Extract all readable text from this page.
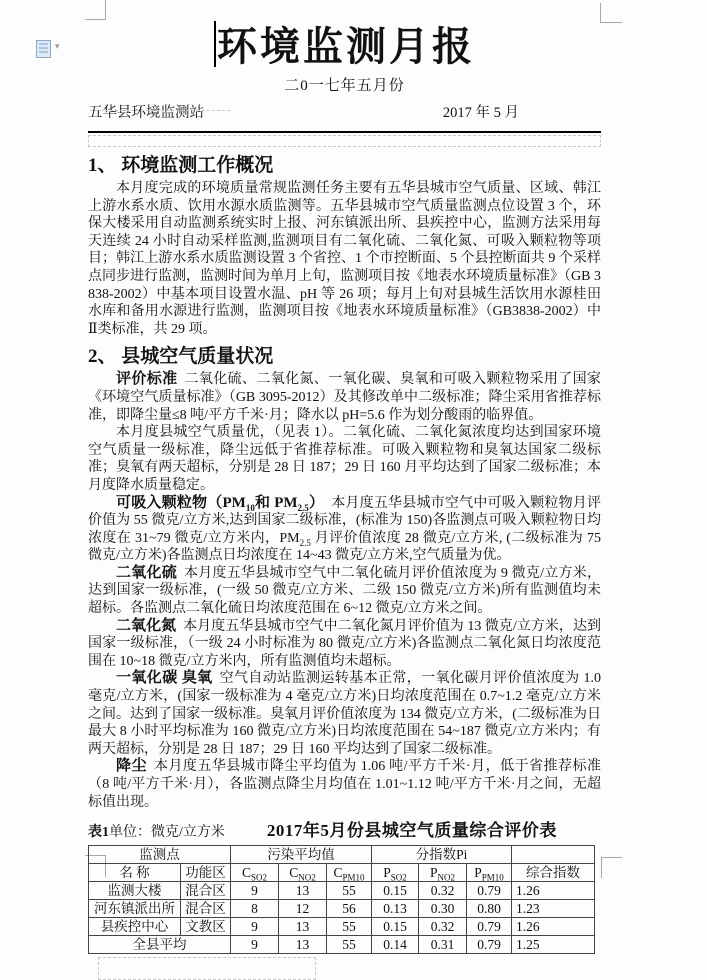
▾	环境监测月报
二0一七年五月份
五华县环境监测站	2017 年 5 月
1、 环境监测工作概况

本月度完成的环境质量常规监测任务主要有五华县城市空气质量、区域、韩江上游水系水质、饮用水源水质监测等。五华县城市空气质量监测点位设置 3 个，环保大楼采用自动监测系统实时上报、河东镇派出所、县疾控中心，监测方法采用每天连续 24 小时自动采样监测,监测项目有二氧化硫、二氧化氮、可吸入颗粒物等项目；韩江上游水系水质监测设置 3 个省控、1 个市控断面、5 个县控断面共 9 个采样点同步进行监测，监测时间为单月上旬，监测项目按《地表水环境质量标准》（GB 3838-2002）中基本项目设置水温、pH 等 26 项；每月上旬对县城生活饮用水源桂田水库和备用水源进行监测，监测项目按《地表水环境质量标准》（GB3838-2002）中Ⅱ类标准，共 29 项。

2、 县城空气质量状况

评价标准 二氧化硫、二氧化氮、一氧化碳、臭氧和可吸入颗粒物采用了国家《环境空气质量标准》（GB 3095-2012）及其修改单中二级标准；降尘采用省推荐标准，即降尘量≤8 吨/平方千米·月；降水以 pH=5.6 作为划分酸雨的临界值。

本月度县城空气质量优，（见表 1）。二氧化硫、二氧化氮浓度均达到国家环境空气质量一级标准，降尘远低于省推荐标准。可吸入颗粒物和臭氧达国家二级标准；臭氧有两天超标，分别是 28 日 187；29 日 160 月平均达到了国家二级标准；本月度降水质量稳定。

可吸入颗粒物（$PM_{10}$和 $PM_{2.5}$） 本月度五华县城市空气中可吸入颗粒物月评价值为 55 微克/立方米,达到国家二级标准，(标准为 150)各监测点可吸入颗粒物日均浓度在 31~79 微克/立方米内，$PM_{2.5}$ 月评价值浓度 28 微克/立方米, (二级标准为 75 微克/立方米)各监测点日均浓度在 14~43 微克/立方米,空气质量为优。

二氧化硫 本月度五华县城市空气中二氧化硫月评价值浓度为 9 微克/立方米，达到国家一级标准，(一级 50 微克/立方米、二级 150 微克/立方米)所有监测值均未超标。各监测点二氧化硫日均浓度范围在 6~12 微克/立方米之间。

二氧化氮 本月度五华县城市空气中二氧化氮月评价值为 13 微克/立方米，达到国家一级标准，（一级 24 小时标准为 80 微克/立方米)各监测点二氧化氮日均浓度范围在 10~18 微克/立方米内，所有监测值均未超标。

一氧化碳 臭氧 空气自动站监测运转基本正常，一氧化碳月评价值浓度为 1.0 毫克/立方米，(国家一级标准为 4 毫克/立方米)日均浓度范围在 0.7~1.2 毫克/立方米之间。达到了国家一级标准。臭氧月评价值浓度为 134 微克/立方米，(二级标准为日最大 8 小时平均标准为 160 微克/立方米)日均浓度范围在 54~187 微克/立方米内；有两天超标，分别是 28 日 187；29 日 160 平均达到了国家二级标准。

降尘 本月度五华县城市降尘平均值为 1.06 吨/平方千米·月，低于省推荐标准（8 吨/平方千米·月），各监测点降尘月均值在 1.01~1.12 吨/平方千米·月之间，无超标值出现。

表1 单位：微克/立方米 2017年5月份县城空气质量综合评价表
监测点		污染平均值			分指数Pi			
名 称	功能区	$C_{SO2}$	$C_{NO2}$	$C_{PM10}$	$P_{SO2}$	$P_{NO2}$	$P_{PM10}$	综合指数
监测大楼	混合区	9	13	55	0.15	0.32	0.79	1.26
河东镇派出所	混合区	8	12	56	0.13	0.30	0.80	1.23
县疾控中心	文教区	9	13	55	0.15	0.32	0.79	1.26
全县平均		9	13	55	0.14	0.31	0.79	1.25
